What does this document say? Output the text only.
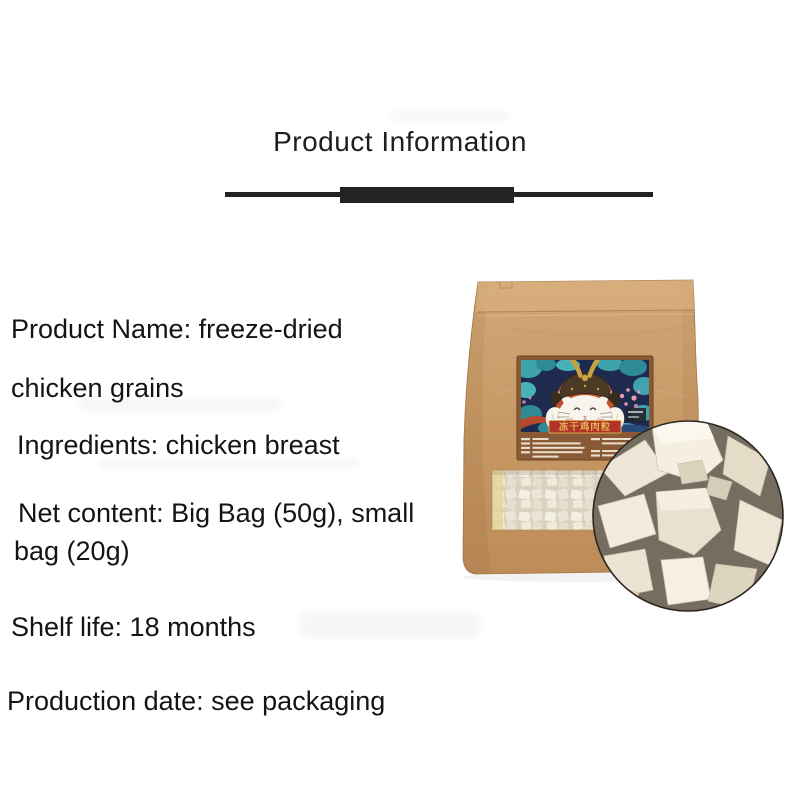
Product Information
Product Name: freeze-dried
chicken grains
Ingredients: chicken breast
Net content: Big Bag (50g), small
bag (20g)
Shelf life: 18 months
Production date: see packaging
冻干鸡肉粒
